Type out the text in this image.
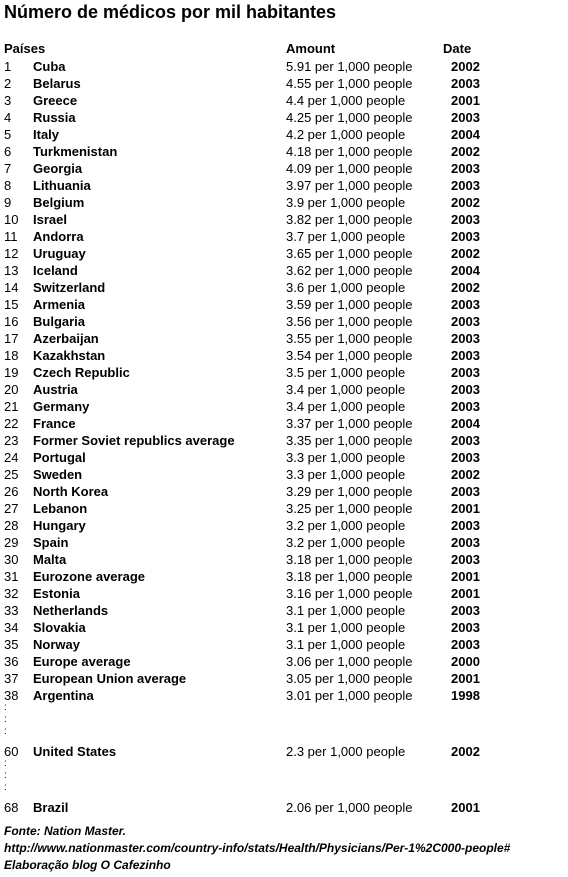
Número de médicos por mil habitantes
Países	Amount	Date
1 Cuba	5.91 per 1,000 people	2002
2 Belarus	4.55 per 1,000 people	2003
3 Greece	4.4 per 1,000 people	2001
4 Russia	4.25 per 1,000 people	2003
5 Italy	4.2 per 1,000 people	2004
6 Turkmenistan	4.18 per 1,000 people	2002
7 Georgia	4.09 per 1,000 people	2003
8 Lithuania	3.97 per 1,000 people	2003
9 Belgium	3.9 per 1,000 people	2002
10 Israel	3.82 per 1,000 people	2003
11 Andorra	3.7 per 1,000 people	2003
12 Uruguay	3.65 per 1,000 people	2002
13 Iceland	3.62 per 1,000 people	2004
14 Switzerland	3.6 per 1,000 people	2002
15 Armenia	3.59 per 1,000 people	2003
16 Bulgaria	3.56 per 1,000 people	2003
17 Azerbaijan	3.55 per 1,000 people	2003
18 Kazakhstan	3.54 per 1,000 people	2003
19 Czech Republic	3.5 per 1,000 people	2003
20 Austria	3.4 per 1,000 people	2003
21 Germany	3.4 per 1,000 people	2003
22 France	3.37 per 1,000 people	2004
23 Former Soviet republics average	3.35 per 1,000 people	2003
24 Portugal	3.3 per 1,000 people	2003
25 Sweden	3.3 per 1,000 people	2002
26 North Korea	3.29 per 1,000 people	2003
27 Lebanon	3.25 per 1,000 people	2001
28 Hungary	3.2 per 1,000 people	2003
29 Spain	3.2 per 1,000 people	2003
30 Malta	3.18 per 1,000 people	2003
31 Eurozone average	3.18 per 1,000 people	2001
32 Estonia	3.16 per 1,000 people	2001
33 Netherlands	3.1 per 1,000 people	2003
34 Slovakia	3.1 per 1,000 people	2003
35 Norway	3.1 per 1,000 people	2003
36 Europe average	3.06 per 1,000 people	2000
37 European Union average	3.05 per 1,000 people	2001
38 Argentina	3.01 per 1,000 people	1998
:
:
:
60 United States	2.3 per 1,000 people	2002
:
:
:
68 Brazil	2.06 per 1,000 people	2001
Fonte: Nation Master.
http://www.nationmaster.com/country-info/stats/Health/Physicians/Per-1%2C000-people#
Elaboração blog O Cafezinho
